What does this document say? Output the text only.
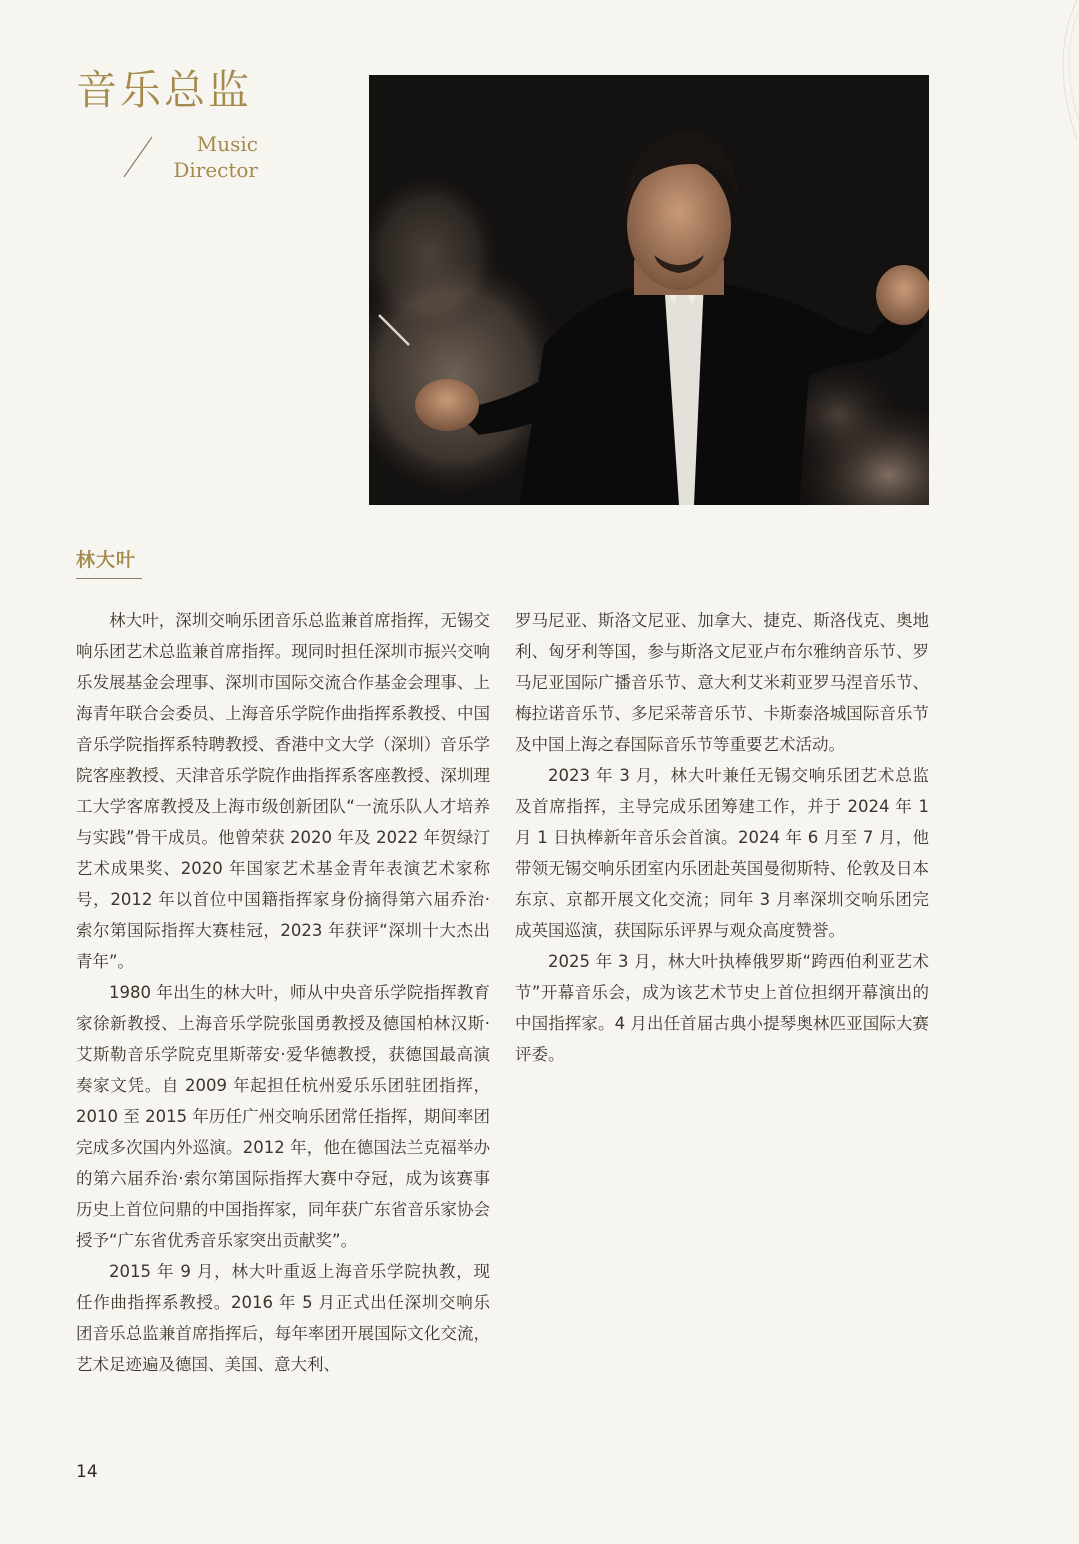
音乐总监
Music
Director
林大叶

林大叶，深圳交响乐团音乐总监兼首席指挥，无锡交响乐团艺术总监兼首席指挥。现同时担任深圳市振兴交响乐发展基金会理事、深圳市国际交流合作基金会理事、上海青年联合会委员、上海音乐学院作曲指挥系教授、中国音乐学院指挥系特聘教授、香港中文大学（深圳）音乐学院客座教授、天津音乐学院作曲指挥系客座教授、深圳理工大学客席教授及上海市级创新团队“一流乐队人才培养与实践”骨干成员。他曾荣获 2020 年及 2022 年贺绿汀艺术成果奖、2020 年国家艺术基金青年表演艺术家称号，2012 年以首位中国籍指挥家身份摘得第六届乔治·索尔第国际指挥大赛桂冠，2023 年获评“深圳十大杰出青年”。

1980 年出生的林大叶，师从中央音乐学院指挥教育家徐新教授、上海音乐学院张国勇教授及德国柏林汉斯·艾斯勒音乐学院克里斯蒂安·爱华德教授，获德国最高演奏家文凭。自 2009 年起担任杭州爱乐乐团驻团指挥，2010 至 2015 年历任广州交响乐团常任指挥，期间率团完成多次国内外巡演。2012 年，他在德国法兰克福举办的第六届乔治·索尔第国际指挥大赛中夺冠，成为该赛事历史上首位问鼎的中国指挥家，同年获广东省音乐家协会授予“广东省优秀音乐家突出贡献奖”。

2015 年 9 月，林大叶重返上海音乐学院执教，现任作曲指挥系教授。2016 年 5 月正式出任深圳交响乐团音乐总监兼首席指挥后，每年率团开展国际文化交流，艺术足迹遍及德国、美国、意大利、

罗马尼亚、斯洛文尼亚、加拿大、捷克、斯洛伐克、奥地利、匈牙利等国，参与斯洛文尼亚卢布尔雅纳音乐节、罗马尼亚国际广播音乐节、意大利艾米莉亚罗马涅音乐节、梅拉诺音乐节、多尼采蒂音乐节、卡斯泰洛城国际音乐节及中国上海之春国际音乐节等重要艺术活动。

2023 年 3 月，林大叶兼任无锡交响乐团艺术总监及首席指挥，主导完成乐团筹建工作，并于 2024 年 1 月 1 日执棒新年音乐会首演。2024 年 6 月至 7 月，他带领无锡交响乐团室内乐团赴英国曼彻斯特、伦敦及日本东京、京都开展文化交流；同年 3 月率深圳交响乐团完成英国巡演，获国际乐评界与观众高度赞誉。

2025 年 3 月，林大叶执棒俄罗斯“跨西伯利亚艺术节”开幕音乐会，成为该艺术节史上首位担纲开幕演出的中国指挥家。4 月出任首届古典小提琴奥林匹亚国际大赛评委。

14
